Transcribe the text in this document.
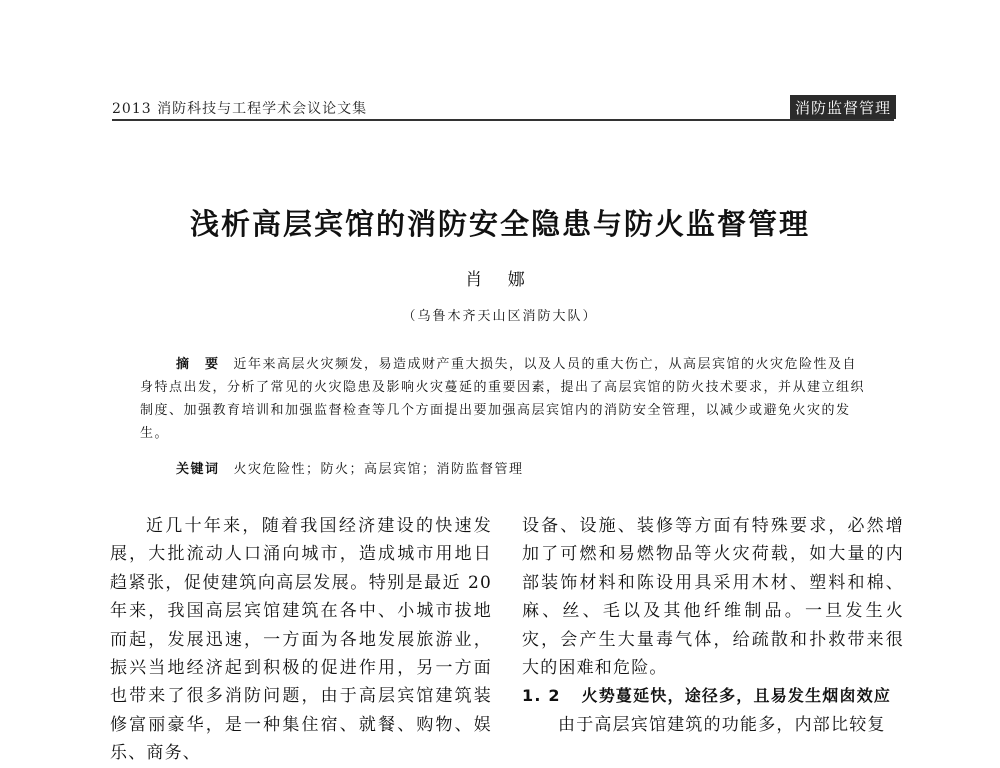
2013 消防科技与工程学术会议论文集	消防监督管理
浅析高层宾馆的消防安全隐患与防火监督管理
肖 娜
（乌鲁木齐天山区消防大队）
摘　要 近年来高层火灾频发，易造成财产重大损失，以及人员的重大伤亡，从高层宾馆的火灾危险性及自身特点出发，分析了常见的火灾隐患及影响火灾蔓延的重要因素，提出了高层宾馆的防火技术要求，并从建立组织制度、加强教育培训和加强监督检查等几个方面提出要加强高层宾馆内的消防安全管理，以减少或避免火灾的发生。
关键词 火灾危险性；防火；高层宾馆；消防监督管理

近几十年来，随着我国经济建设的快速发展，大批流动人口涌向城市，造成城市用地日趋紧张，促使建筑向高层发展。特别是最近 20 年来，我国高层宾馆建筑在各中、小城市拔地而起，发展迅速，一方面为各地发展旅游业，振兴当地经济起到积极的促进作用，另一方面也带来了很多消防问题，由于高层宾馆建筑装修富丽豪华，是一种集住宿、就餐、购物、娱乐、商务、

设备、设施、装修等方面有特殊要求，必然增加了可燃和易燃物品等火灾荷载，如大量的内部装饰材料和陈设用具采用木材、塑料和棉、麻、丝、毛以及其他纤维制品。一旦发生火灾，会产生大量毒气体，给疏散和扑救带来很大的困难和危险。

1. 2 火势蔓延快，途径多，且易发生烟囱效应

由于高层宾馆建筑的功能多，内部比较复
